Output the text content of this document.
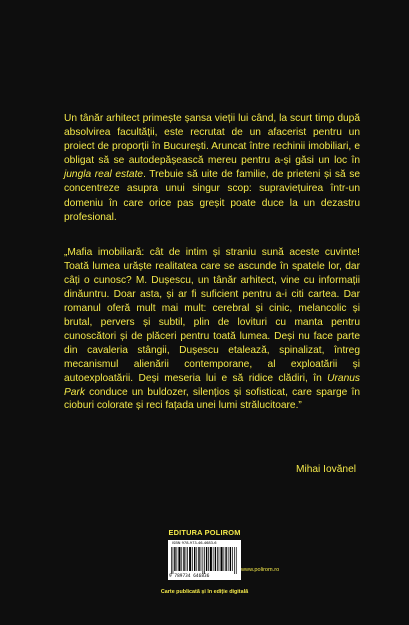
Un tânăr arhitect primește șansa vieții lui când, la scurt timp după absolvirea facultății, este recrutat de un afacerist pentru un proiect de proporții în București. Aruncat între rechinii imobiliari, e obligat să se autodepășească mereu pentru a-și găsi un loc în jungla real estate. Trebuie să uite de familie, de prieteni și să se concentreze asupra unui singur scop: supraviețuirea într-un domeniu în care orice pas greșit poate duce la un dezastru profesional.

„Mafia imobiliară: cât de intim și straniu sună aceste cuvinte! Toată lumea urăște realitatea care se ascunde în spatele lor, dar câți o cunosc? M. Dușescu, un tânăr arhitect, vine cu informații dinăuntru. Doar asta, și ar fi suficient pentru a-i citi cartea. Dar romanul oferă mult mai mult: cerebral și cinic, melancolic și brutal, pervers și subtil, plin de lovituri cu manta pentru cunoscători și de plăceri pentru toată lumea. Deși nu face parte din cavaleria stângii, Dușescu etalează, spinalizat, întreg mecanismul alienării contemporane, al exploatării și autoexploatării. Deși meseria lui e să ridice clădiri, în Uranus Park conduce un buldozer, silențios și sofisticat, care sparge în cioburi colorate și reci fațada unei lumi strălucitoare.”

Mihai Iovănel

EDITURA POLIROM
ISBN 978-973-46-4683-6
9 789734 646836
www.polirom.ro
Carte publicată și în ediție digitală
